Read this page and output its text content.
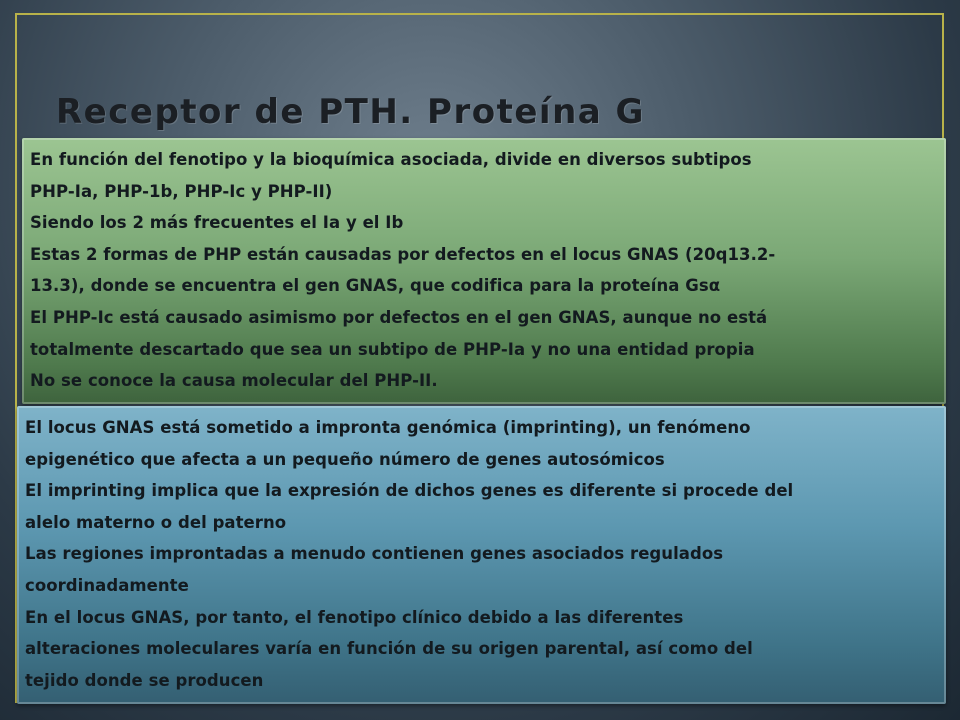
Receptor de PTH. Proteína G
En función del fenotipo y la bioquímica asociada, divide en diversos subtipos
PHP-Ia, PHP-1b, PHP-Ic y PHP-II)
Siendo los 2 más frecuentes el Ia y el Ib
Estas 2 formas de PHP están causadas por defectos en el locus GNAS (20q13.2-
13.3), donde se encuentra el gen GNAS, que codifica para la proteína Gsα
El PHP-Ic está causado asimismo por defectos en el gen GNAS, aunque no está
totalmente descartado que sea un subtipo de PHP-Ia y no una entidad propia
No se conoce la causa molecular del PHP-II.
El locus GNAS está sometido a impronta genómica (imprinting), un fenómeno
epigenético que afecta a un pequeño número de genes autosómicos
El imprinting implica que la expresión de dichos genes es diferente si procede del
alelo materno o del paterno
Las regiones improntadas a menudo contienen genes asociados regulados
coordinadamente
En el locus GNAS, por tanto, el fenotipo clínico debido a las diferentes
alteraciones moleculares varía en función de su origen parental, así como del
tejido donde se producen
